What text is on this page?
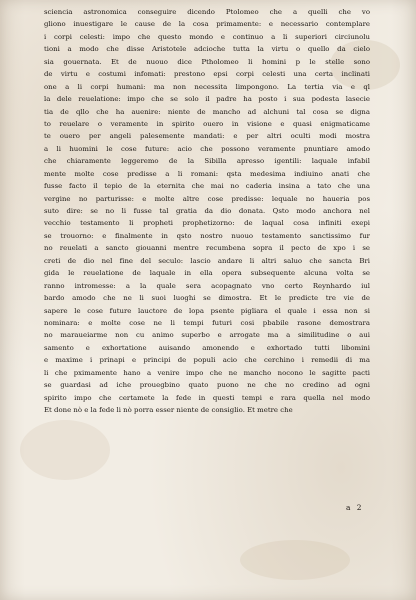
sciencia astronomica conseguire dicendo Ptolomeo che a quelli che vo
gliono inuestigare le cause de la cosa primamente: e necessario contemplare
i corpi celesti: impo che questo mondo e continuo a li superiori circiunolu
tioni a modo che disse Aristotele adcioche tutta la virtu o quello da cielo
sia gouernata. Et de nuouo dice Ptholomeo li homini p le stelle sono
de virtu e costumi infomati: prestono epsi corpi celesti una certa inclinati
one a li corpi humani: ma non necessita limpongono. La tertia via e ql
la dele reuelatione: impo che se solo il padre ha posto i sua podesta lasecie
tia de qllo che ha auenire: niente de mancho ad alchuni tal cosa se digna
to reuelare o veramente in spirito ouero in visione e quasi enigmaticame
te ouero per angeli palesemente mandati: e per altri oculti modi mostra
a li huomini le cose future: acio che possono veramente pnuntiare amodo
che chiaramente leggeremo de la Sibilla apresso igentili: laquale infabil
mente molte cose predisse a li romani: qsta medesima indiuino anati che
fusse facto il tepio de la eternita che mai no caderia insina a tato che una
vergine no parturisse: e molte altre cose predisse: lequale no haueria pos
suto dire: se no li fusse tal gratia da dio donata. Qsto modo anchora nel
vecchio testamento li propheti prophetizorno: de laqual cosa infiniti exepi
se trouorno: e finalmente in qsto nostro nuouo testamento sanctissimo fur
no reuelati a sancto giouanni mentre recumbena sopra il pecto de xpo i se
creti de dio nel fine del seculo: lascio andare li altri saluo che sancta Bri
gida le reuelatione de laquale in ella opera subsequente alcuna volta se
ranno intromesse: a la quale sera acopagnato vno certo Reynhardo iul
bardo amodo che ne li suoi luoghi se dimostra. Et le predicte tre vie de
sapere le cose future lauctore de lopa psente pigliara el quale i essa non si
nominara: e molte cose ne li tempi futuri cosi pbabile rasone demostrara
no maraueiarme non cu animo superbo e arrogate ma a similitudine o aui
samento e exhortatione auisando amonendo e exhortado tutti libomini
e maxime i prinapi e principi de populi acio che cerchino i remedii di ma
li che pximamente hano a venire impo che ne mancho nocono le sagitte pacti
se guardasi ad iche prouegbino quato puono ne che no credino ad ogni
spirito impo che certamete la fede in questi tempi e rara quella nel modo
Et done nò e la fede li nò porra esser niente de consiglio. Et metre che
a 2
